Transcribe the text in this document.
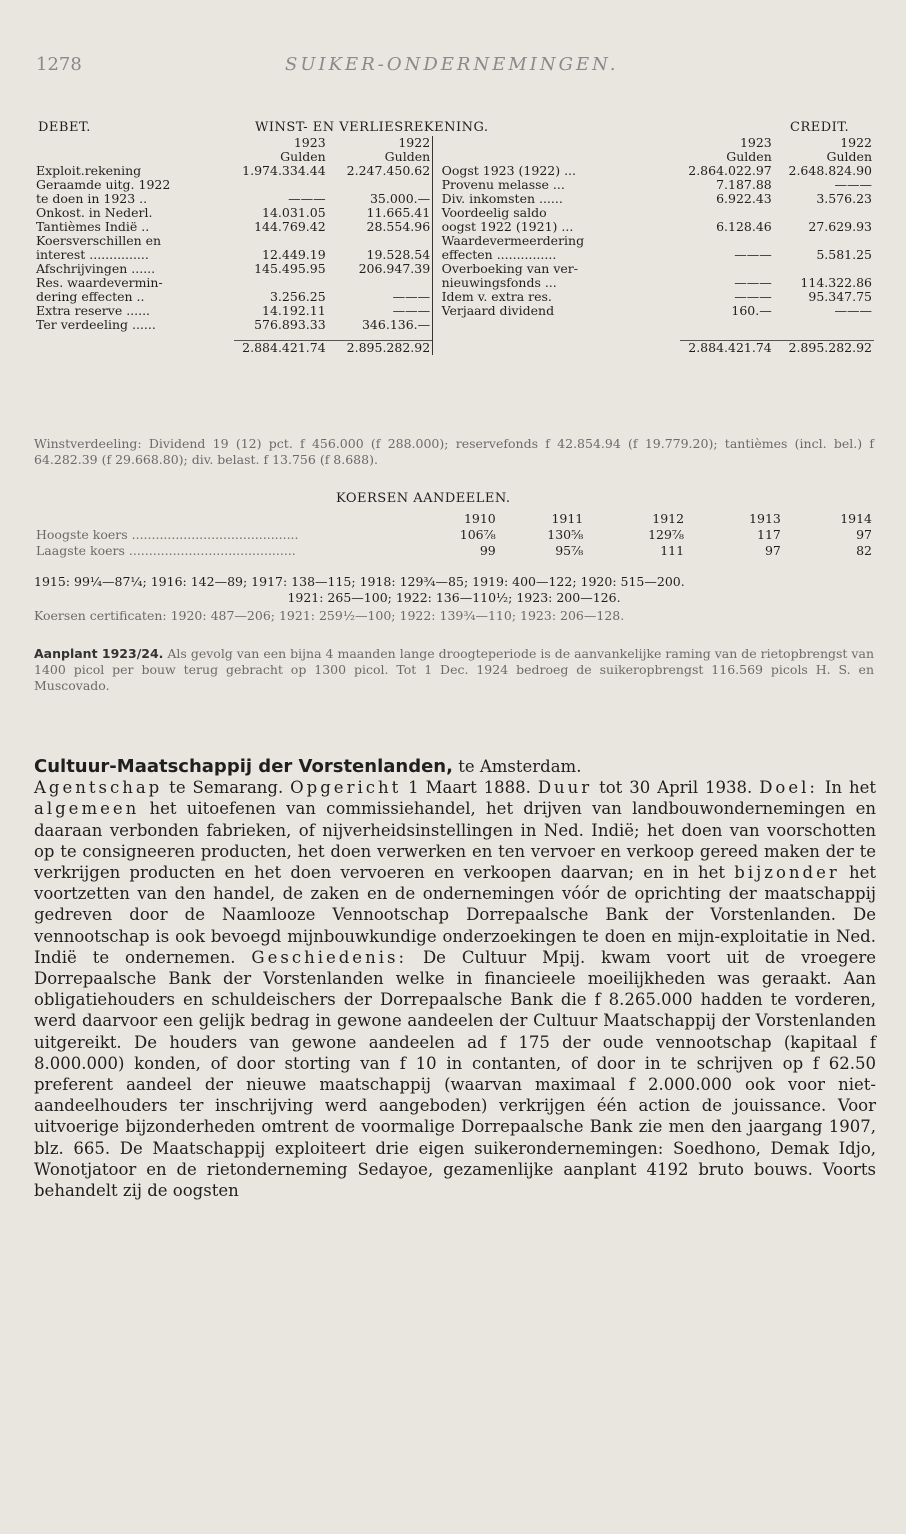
1278	SUIKER-ONDERNEMINGEN.
DEBET.	WINST- EN VERLIESREKENING.	CREDIT.
	1923	1922			1923	1922
	Gulden	Gulden			Gulden	Gulden
Exploit.rekening	1.974.334.44	2.247.450.62		Oogst 1923 (1922) ...	2.864.022.97	2.648.824.90
Geraamde uitg. 1922				Provenu melasse ...	7.187.88	———
te doen in 1923 ..	———	35.000.—		Div. inkomsten ......	6.922.43	3.576.23
Onkost. in Nederl.	14.031.05	11.665.41		Voordeelig saldo		
Tantièmes Indië ..	144.769.42	28.554.96		oogst 1922 (1921) ...	6.128.46	27.629.93
Koersverschillen en				Waardevermeerdering		
interest ...............	12.449.19	19.528.54		effecten ...............	———	5.581.25
Afschrijvingen ......	145.495.95	206.947.39		Overboeking van ver-		
Res. waardevermin-				nieuwingsfonds ...	———	114.322.86
dering effecten ..	3.256.25	———		Idem v. extra res.	———	95.347.75
Extra reserve ......	14.192.11	———		Verjaard dividend	160.—	———
Ter verdeeling ......	576.893.33	346.136.—				

	2.884.421.74	2.895.282.92			2.884.421.74	2.895.282.92
Winstverdeeling: Dividend 19 (12) pct. f 456.000 (f 288.000); reservefonds f 42.854.94 (f 19.779.20); tantièmes (incl. bel.) f 64.282.39 (f 29.668.80); div. belast. f 13.756 (f 8.688).
KOERSEN AANDEELEN.
	1910	1911	1912	1913	1914
Hoogste koers ..........................................	106⅞	130⅝	129⅞	117	97
Laagste koers ..........................................	99	95⅞	111	97	82
1915: 99¼—87¼; 1916: 142—89; 1917: 138—115; 1918: 129¾—85; 1919: 400—122; 1920: 515—200.
1921: 265—100; 1922: 136—110½; 1923: 200—126.
Koersen certificaten: 1920: 487—206; 1921: 259½—100; 1922: 139¾—110; 1923: 206—128.
Aanplant 1923/24. Als gevolg van een bijna 4 maanden lange droogteperiode is de aanvankelijke raming van de rietopbrengst van 1400 picol per bouw terug gebracht op 1300 picol. Tot 1 Dec. 1924 bedroeg de suikeropbrengst 116.569 picols H. S. en Muscovado.
Cultuur-Maatschappij der Vorstenlanden, te Amsterdam.
Agentschap te Semarang. Opgericht 1 Maart 1888. Duur tot 30 April 1938. Doel: In het algemeen het uitoefenen van commissiehandel, het drijven van landbouwondernemingen en daaraan verbonden fabrieken, of nijverheidsinstellingen in Ned. Indië; het doen van voorschotten op te consigneeren producten, het doen verwerken en ten vervoer en verkoop gereed maken der te verkrijgen producten en het doen vervoeren en verkoopen daarvan; en in het bijzonder het voortzetten van den handel, de zaken en de ondernemingen vóór de oprichting der maatschappij gedreven door de Naamlooze Vennootschap Dorrepaalsche Bank der Vorstenlanden. De vennootschap is ook bevoegd mijnbouwkundige onderzoekingen te doen en mijn-exploitatie in Ned. Indië te ondernemen. Geschiedenis: De Cultuur Mpij. kwam voort uit de vroegere Dorrepaalsche Bank der Vorstenlanden welke in financieele moeilijkheden was geraakt. Aan obligatiehouders en schuldeischers der Dorrepaalsche Bank die f 8.265.000 hadden te vorderen, werd daarvoor een gelijk bedrag in gewone aandeelen der Cultuur Maatschappij der Vorstenlanden uitgereikt. De houders van gewone aandeelen ad f 175 der oude vennootschap (kapitaal f 8.000.000) konden, of door storting van f 10 in contanten, of door in te schrijven op f 62.50 preferent aandeel der nieuwe maatschappij (waarvan maximaal f 2.000.000 ook voor niet-aandeelhouders ter inschrijving werd aangeboden) verkrijgen één action de jouissance. Voor uitvoerige bijzonderheden omtrent de voormalige Dorrepaalsche Bank zie men den jaargang 1907, blz. 665. De Maatschappij exploiteert drie eigen suikerondernemingen: Soedhono, Demak Idjo, Wonotjatoor en de rietonderneming Sedayoe, gezamenlijke aanplant 4192 bruto bouws. Voorts behandelt zij de oogsten
